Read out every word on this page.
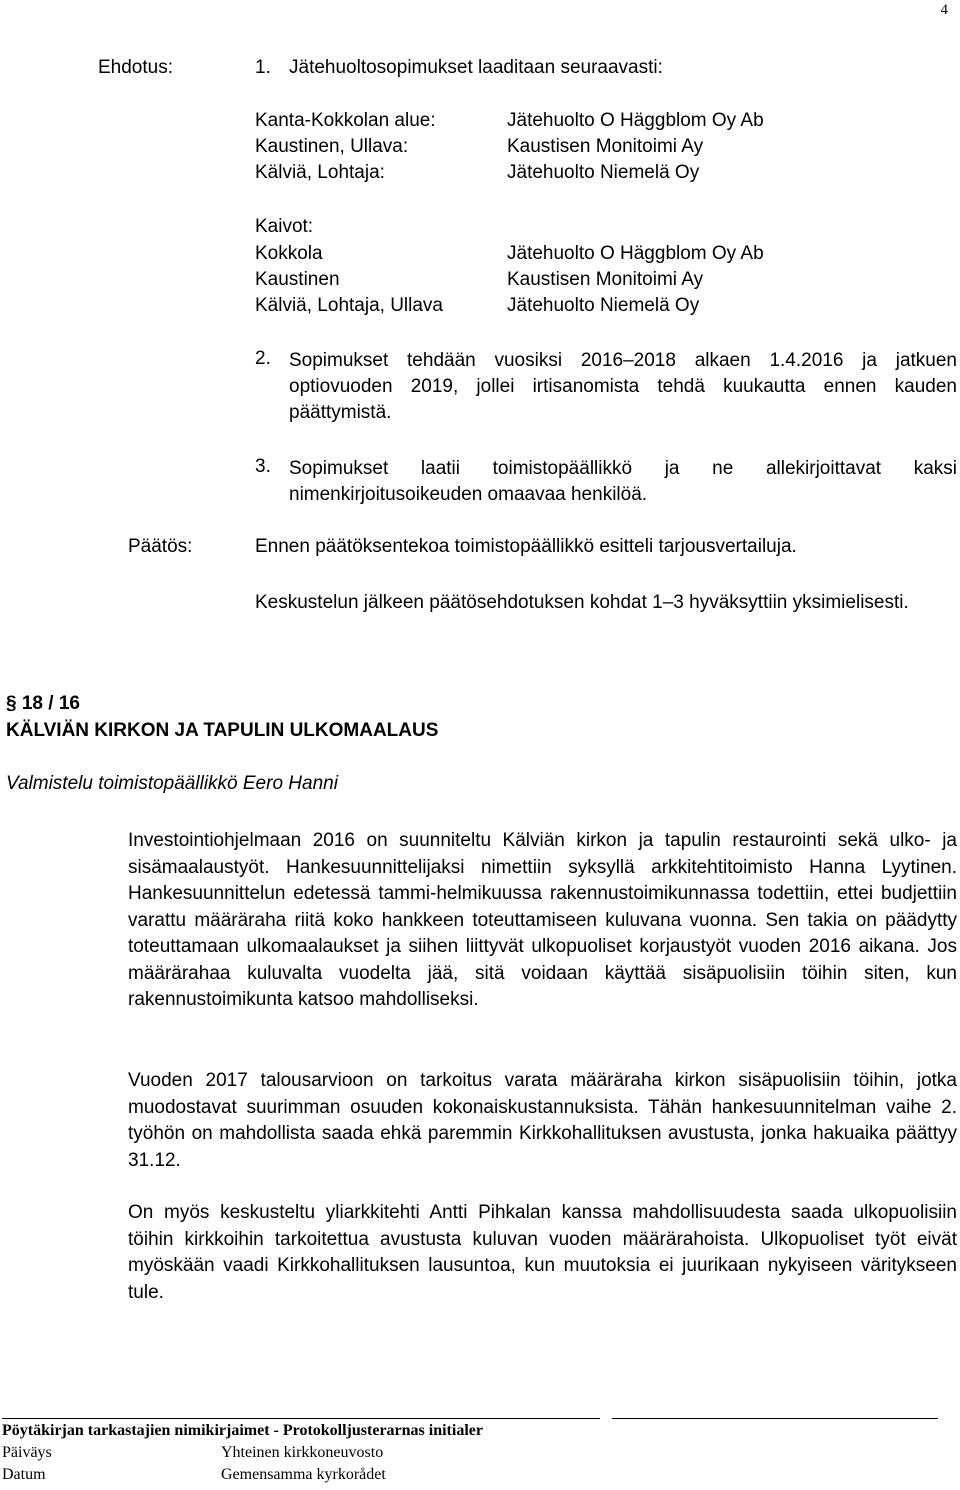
4
Ehdotus:	1. Jätehuoltosopimukset laaditaan seuraavasti:
Kanta-Kokkolan alue:	Jätehuolto O Häggblom Oy Ab
Kaustinen, Ullava:	Kaustisen Monitoimi Ay
Kälviä, Lohtaja:	Jätehuolto Niemelä Oy
Kaivot:
Kokkola	Jätehuolto O Häggblom Oy Ab
Kaustinen	Kaustisen Monitoimi Ay
Kälviä, Lohtaja, Ullava	Jätehuolto Niemelä Oy
2. Sopimukset tehdään vuosiksi 2016–2018 alkaen 1.4.2016 ja jatkuen optiovuoden 2019, jollei irtisanomista tehdä kuukautta ennen kauden päättymistä.
3. Sopimukset laatii toimistopäällikkö ja ne allekirjoittavat kaksi nimenkirjoitusoikeuden omaavaa henkilöä.
Päätös:	Ennen päätöksentekoa toimistopäällikkö esitteli tarjousvertailuja.
Keskustelun jälkeen päätösehdotuksen kohdat 1–3 hyväksyttiin yksimielisesti.
§ 18 / 16
KÄLVIÄN KIRKON JA TAPULIN ULKOMAALAUS
Valmistelu toimistopäällikkö Eero Hanni
Investointiohjelmaan 2016 on suunniteltu Kälviän kirkon ja tapulin restaurointi sekä ulko- ja sisämaalaustyöt. Hankesuunnittelijaksi nimettiin syksyllä arkkitehtitoimisto Hanna Lyytinen. Hankesuunnittelun edetessä tammi-helmikuussa rakennustoimikunnassa todettiin, ettei budjettiin varattu määräraha riitä koko hankkeen toteuttamiseen kuluvana vuonna. Sen takia on päädytty toteuttamaan ulkomaalaukset ja siihen liittyvät ulkopuoliset korjaustyöt vuoden 2016 aikana. Jos määrärahaa kuluvalta vuodelta jää, sitä voidaan käyttää sisäpuolisiin töihin siten, kun rakennustoimikunta katsoo mahdolliseksi.
Vuoden 2017 talousarvioon on tarkoitus varata määräraha kirkon sisäpuolisiin töihin, jotka muodostavat suurimman osuuden kokonaiskustannuksista. Tähän hankesuunnitelman vaihe 2. työhön on mahdollista saada ehkä paremmin Kirkkohallituksen avustusta, jonka hakuaika päättyy 31.12.
On myös keskusteltu yliarkkitehti Antti Pihkalan kanssa mahdollisuudesta saada ulkopuolisiin töihin kirkkoihin tarkoitettua avustusta kuluvan vuoden määrärahoista. Ulkopuoliset työt eivät myöskään vaadi Kirkkohallituksen lausuntoa, kun muutoksia ei juurikaan nykyiseen väritykseen tule.
Pöytäkirjan tarkastajien nimikirjaimet - Protokolljusterarnas initialer
Päiväys	Yhteinen kirkkoneuvosto
Datum	Gemensamma kyrkorådet
